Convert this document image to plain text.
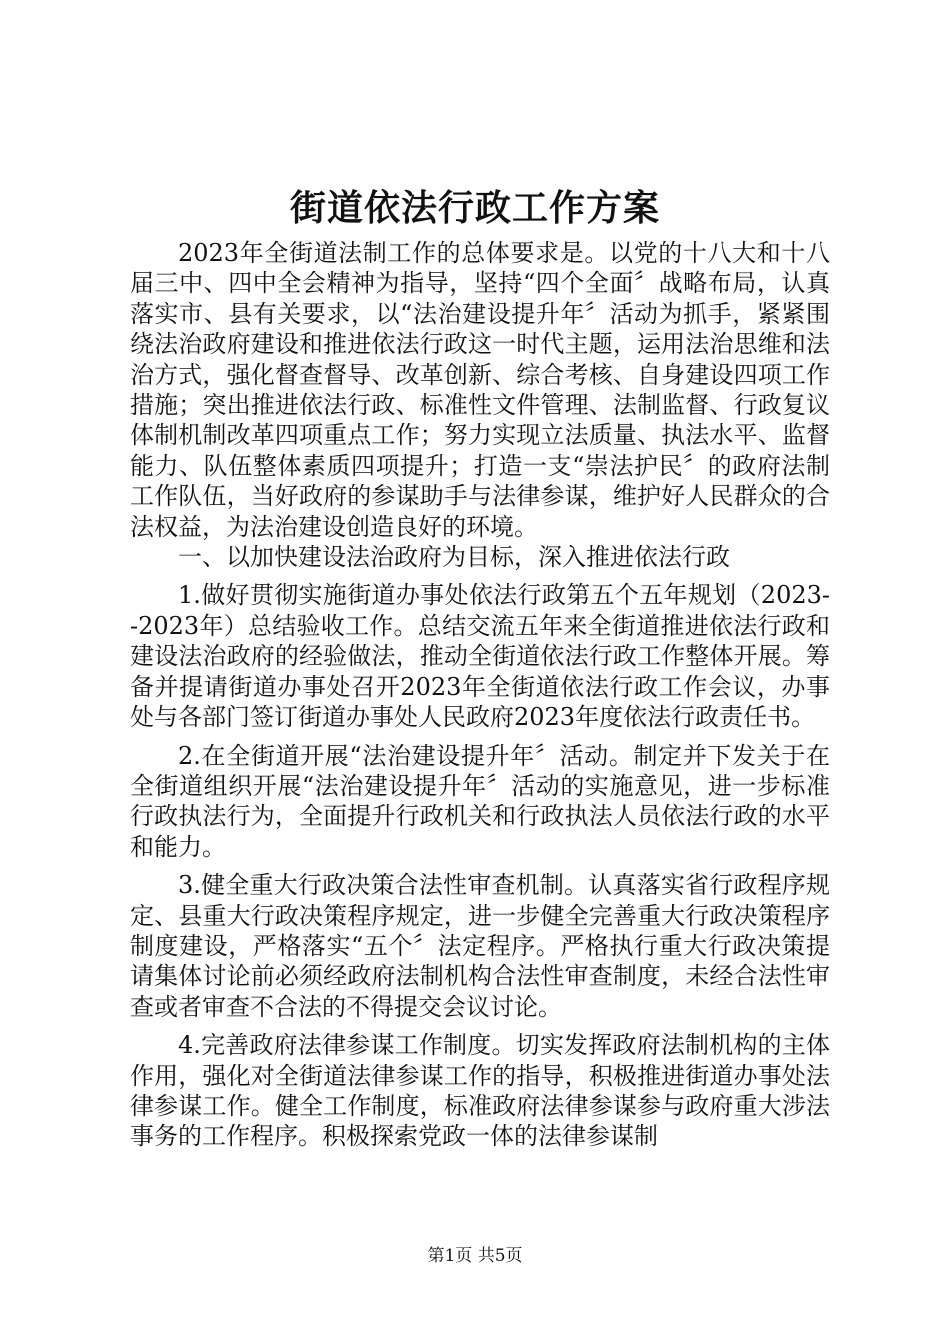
街道依法行政工作方案

2023年全街道法制工作的总体要求是。以党的十八大和十八届三中、四中全会精神为指导，坚持“四个全面〞战略布局，认真落实市、县有关要求，以“法治建设提升年〞活动为抓手，紧紧围绕法治政府建设和推进依法行政这一时代主题，运用法治思维和法治方式，强化督查督导、改革创新、综合考核、自身建设四项工作措施；突出推进依法行政、标准性文件管理、法制监督、行政复议体制机制改革四项重点工作；努力实现立法质量、执法水平、监督能力、队伍整体素质四项提升；打造一支“崇法护民〞的政府法制工作队伍，当好政府的参谋助手与法律参谋，维护好人民群众的合法权益，为法治建设创造良好的环境。

一、以加快建设法治政府为目标，深入推进依法行政

1.做好贯彻实施街道办事处依法行政第五个五年规划（2023--2023年）总结验收工作。总结交流五年来全街道推进依法行政和建设法治政府的经验做法，推动全街道依法行政工作整体开展。筹备并提请街道办事处召开2023年全街道依法行政工作会议，办事处与各部门签订街道办事处人民政府2023年度依法行政责任书。

2.在全街道开展“法治建设提升年〞活动。制定并下发关于在全街道组织开展“法治建设提升年〞活动的实施意见，进一步标准行政执法行为，全面提升行政机关和行政执法人员依法行政的水平和能力。

3.健全重大行政决策合法性审查机制。认真落实省行政程序规定、县重大行政决策程序规定，进一步健全完善重大行政决策程序制度建设，严格落实“五个〞法定程序。严格执行重大行政决策提请集体讨论前必须经政府法制机构合法性审查制度，未经合法性审查或者审查不合法的不得提交会议讨论。

4.完善政府法律参谋工作制度。切实发挥政府法制机构的主体作用，强化对全街道法律参谋工作的指导，积极推进街道办事处法律参谋工作。健全工作制度，标准政府法律参谋参与政府重大涉法事务的工作程序。积极探索党政一体的法律参谋制

第1页 共5页
